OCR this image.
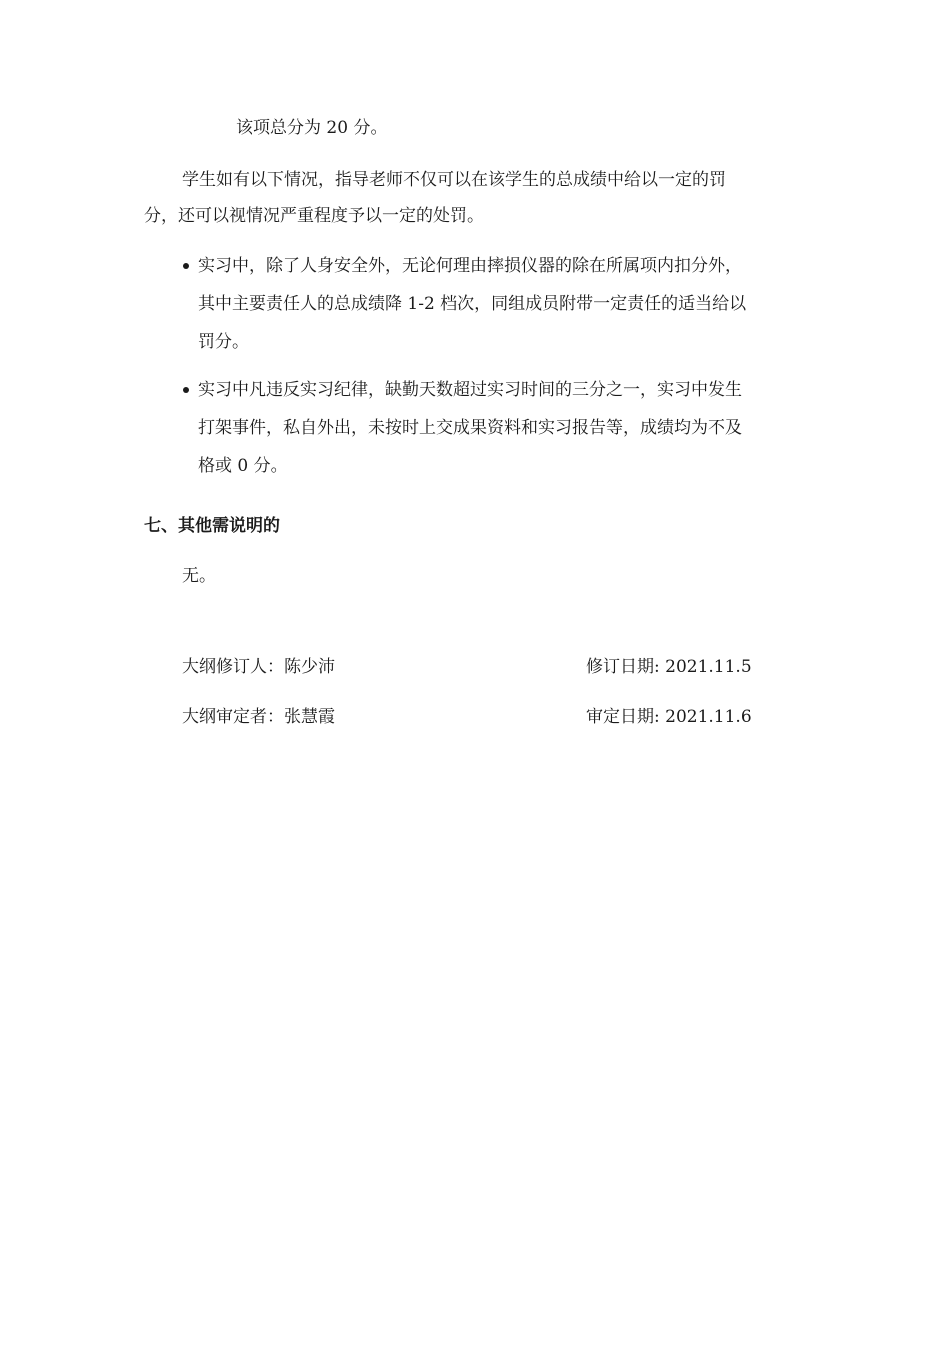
该项总分为 20 分。
学生如有以下情况，指导老师不仅可以在该学生的总成绩中给以一定的罚
分，还可以视情况严重程度予以一定的处罚。
实习中，除了人身安全外，无论何理由摔损仪器的除在所属项内扣分外，
其中主要责任人的总成绩降 1-2 档次，同组成员附带一定责任的适当给以
罚分。
实习中凡违反实习纪律，缺勤天数超过实习时间的三分之一，实习中发生
打架事件，私自外出，未按时上交成果资料和实习报告等，成绩均为不及
格或 0 分。
七、其他需说明的
无。
大纲修订人：陈少沛	修订日期: 2021.11.5
大纲审定者：张慧霞	审定日期: 2021.11.6
